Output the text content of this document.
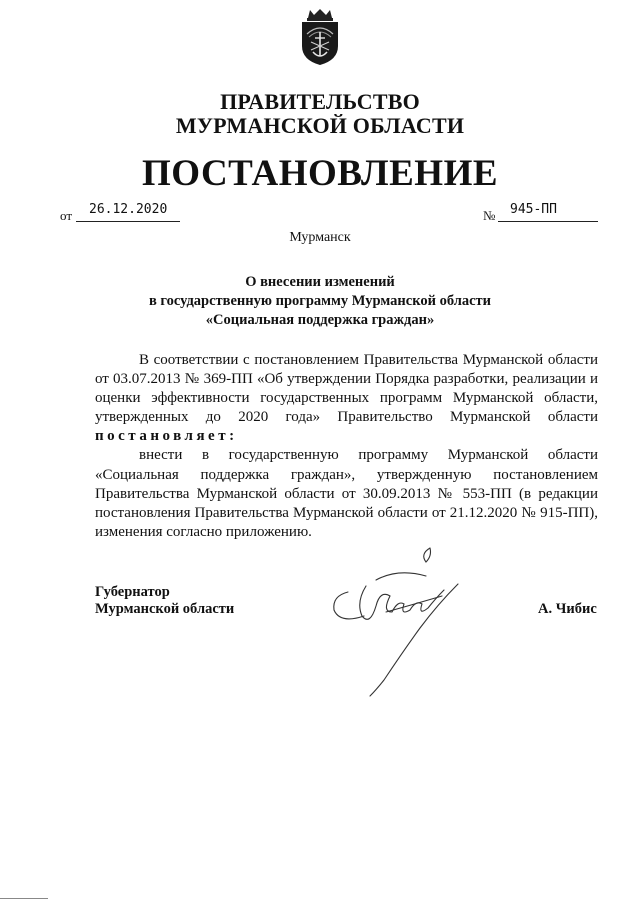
ПРАВИТЕЛЬСТВО
МУРМАНСКОЙ ОБЛАСТИ
ПОСТАНОВЛЕНИЕ
от 26.12.2020	№ 945-ПП
Мурманск
О внесении изменений
в государственную программу Мурманской области
«Социальная поддержка граждан»

В соответствии с постановлением Правительства Мурманской области от 03.07.2013 № 369-ПП «Об утверждении Порядка разработки, реализации и оценки эффективности государственных программ Мурманской области, утвержденных до 2020 года» Правительство Мурманской области постановляет:

внести в государственную программу Мурманской области «Социальная поддержка граждан», утвержденную постановлением Правительства Мурманской области от 30.09.2013 № 553-ПП (в редакции постановления Правительства Мурманской области от 21.12.2020 № 915-ПП), изменения согласно приложению.

Губернатор
Мурманской области	А. Чибис
